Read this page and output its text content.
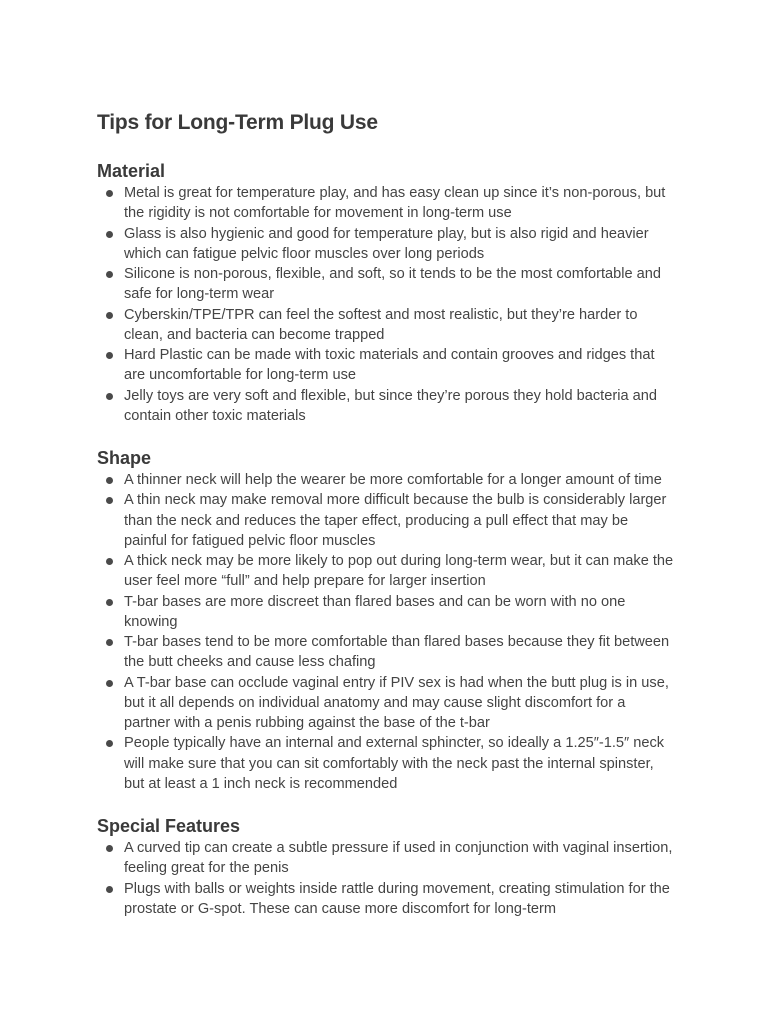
Tips for Long-Term Plug Use
Material
Metal is great for temperature play, and has easy clean up since it’s non-porous, but the rigidity is not comfortable for movement in long-term use
Glass is also hygienic and good for temperature play, but is also rigid and heavier which can fatigue pelvic floor muscles over long periods
Silicone is non-porous, flexible, and soft, so it tends to be the most comfortable and safe for long-term wear
Cyberskin/TPE/TPR can feel the softest and most realistic, but they’re harder to clean, and bacteria can become trapped
Hard Plastic can be made with toxic materials and contain grooves and ridges that are uncomfortable for long-term use
Jelly toys are very soft and flexible, but since they’re porous they hold bacteria and contain other toxic materials
Shape
A thinner neck will help the wearer be more comfortable for a longer amount of time
A thin neck may make removal more difficult because the bulb is considerably larger than the neck and reduces the taper effect, producing a pull effect that may be painful for fatigued pelvic floor muscles
A thick neck may be more likely to pop out during long-term wear, but it can make the user feel more “full” and help prepare for larger insertion
T-bar bases are more discreet than flared bases and can be worn with no one knowing
T-bar bases tend to be more comfortable than flared bases because they fit between the butt cheeks and cause less chafing
A T-bar base can occlude vaginal entry if PIV sex is had when the butt plug is in use, but it all depends on individual anatomy and may cause slight discomfort for a partner with a penis rubbing against the base of the t-bar
People typically have an internal and external sphincter, so ideally a 1.25″-1.5″ neck will make sure that you can sit comfortably with the neck past the internal spinster, but at least a 1 inch neck is recommended
Special Features
A curved tip can create a subtle pressure if used in conjunction with vaginal insertion, feeling great for the penis
Plugs with balls or weights inside rattle during movement, creating stimulation for the prostate or G-spot. These can cause more discomfort for long-term
